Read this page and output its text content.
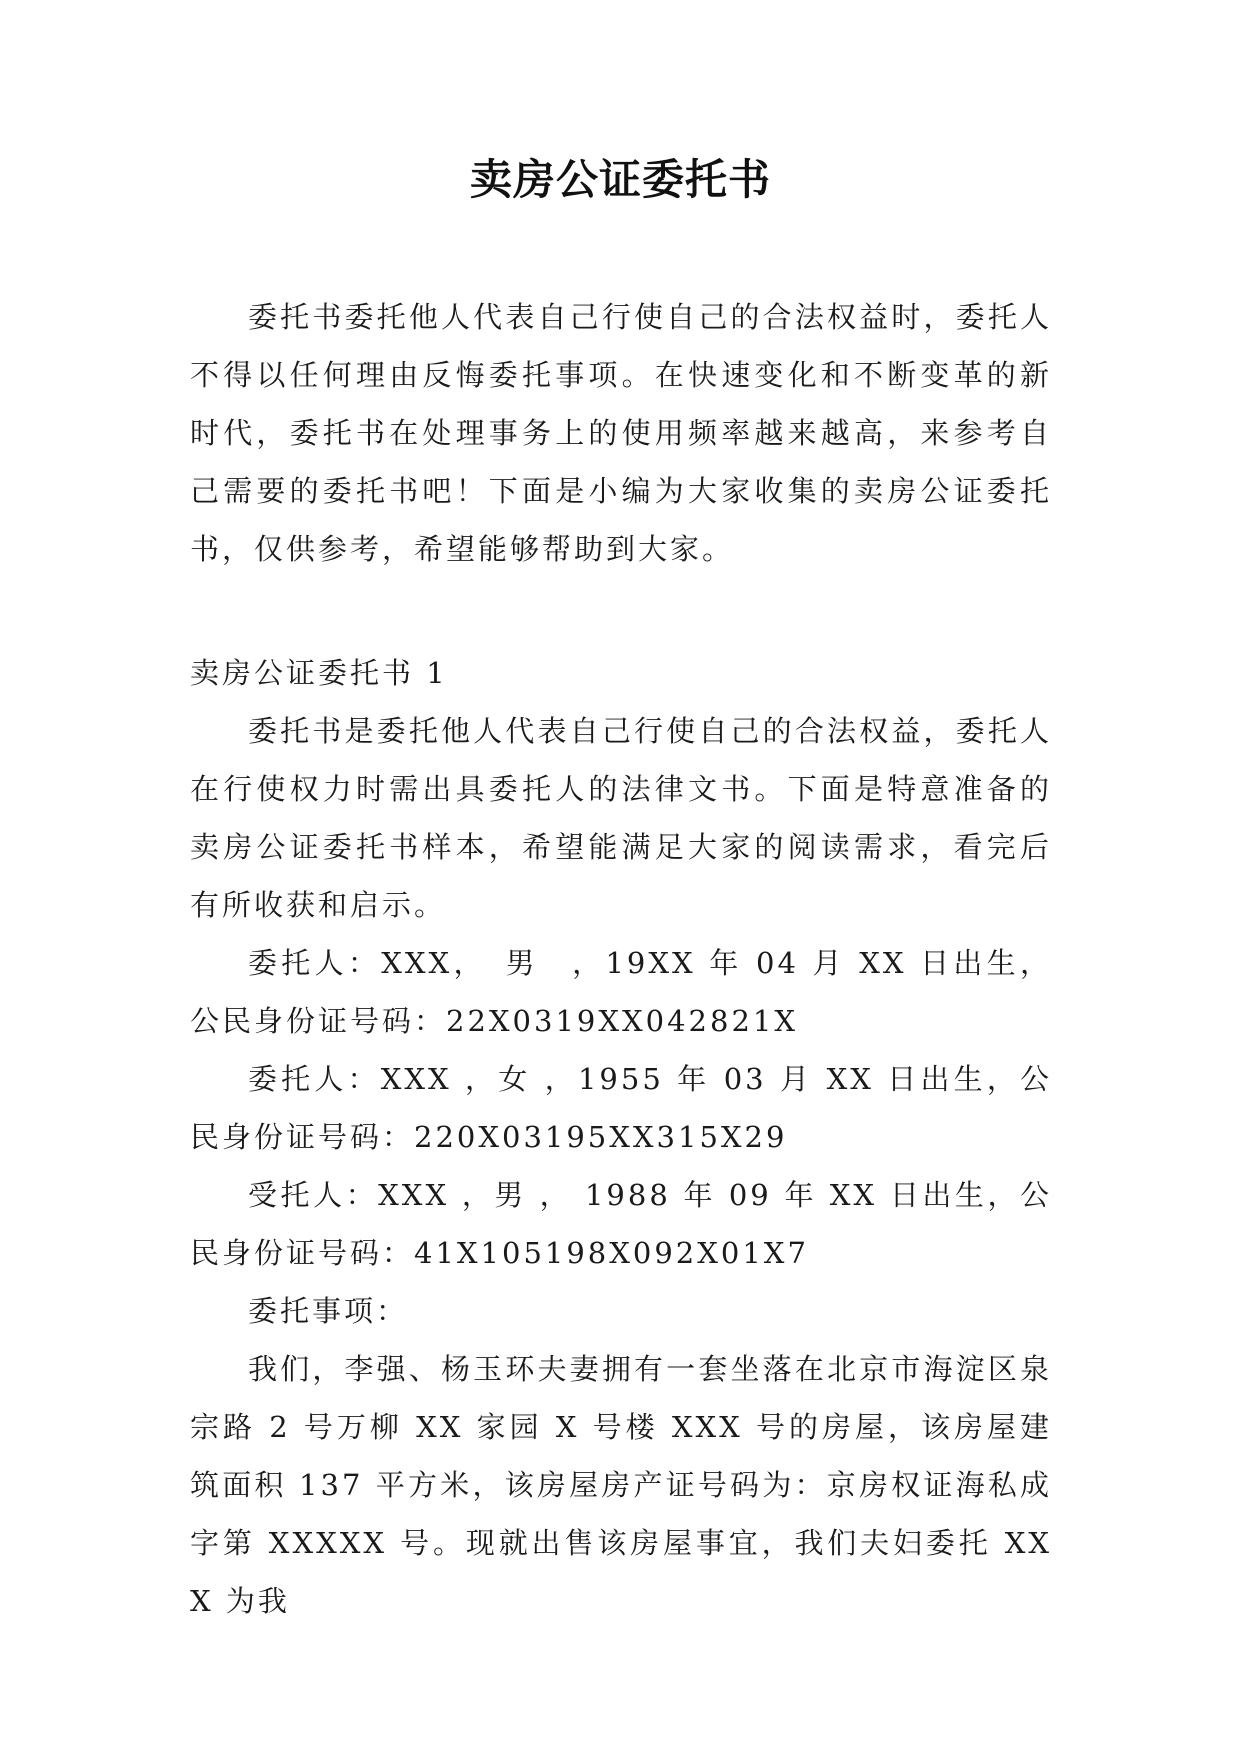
卖房公证委托书

委托书委托他人代表自己行使自己的合法权益时，委托人不得以任何理由反悔委托事项。在快速变化和不断变革的新时代，委托书在处理事务上的使用频率越来越高，来参考自己需要的委托书吧！下面是小编为大家收集的卖房公证委托书，仅供参考，希望能够帮助到大家。

卖房公证委托书 1

委托书是委托他人代表自己行使自己的合法权益，委托人在行使权力时需出具委托人的法律文书。下面是特意准备的卖房公证委托书样本，希望能满足大家的阅读需求，看完后有所收获和启示。

委托人：XXX，　男　，19XX 年 04 月 XX 日出生，公民身份证号码：22X0319XX042821X

委托人：XXX ，女 ，1955 年 03 月 XX 日出生，公民身份证号码：220X03195XX315X29

受托人：XXX ，男 ， 1988 年 09 年 XX 日出生，公民身份证号码：41X105198X092X01X7

委托事项：

我们，李强、杨玉环夫妻拥有一套坐落在北京市海淀区泉宗路 2 号万柳 XX 家园 X 号楼 XXX 号的房屋，该房屋建筑面积 137 平方米，该房屋房产证号码为：京房权证海私成字第 XXXXX 号。现就出售该房屋事宜，我们夫妇委托 XXX 为我
